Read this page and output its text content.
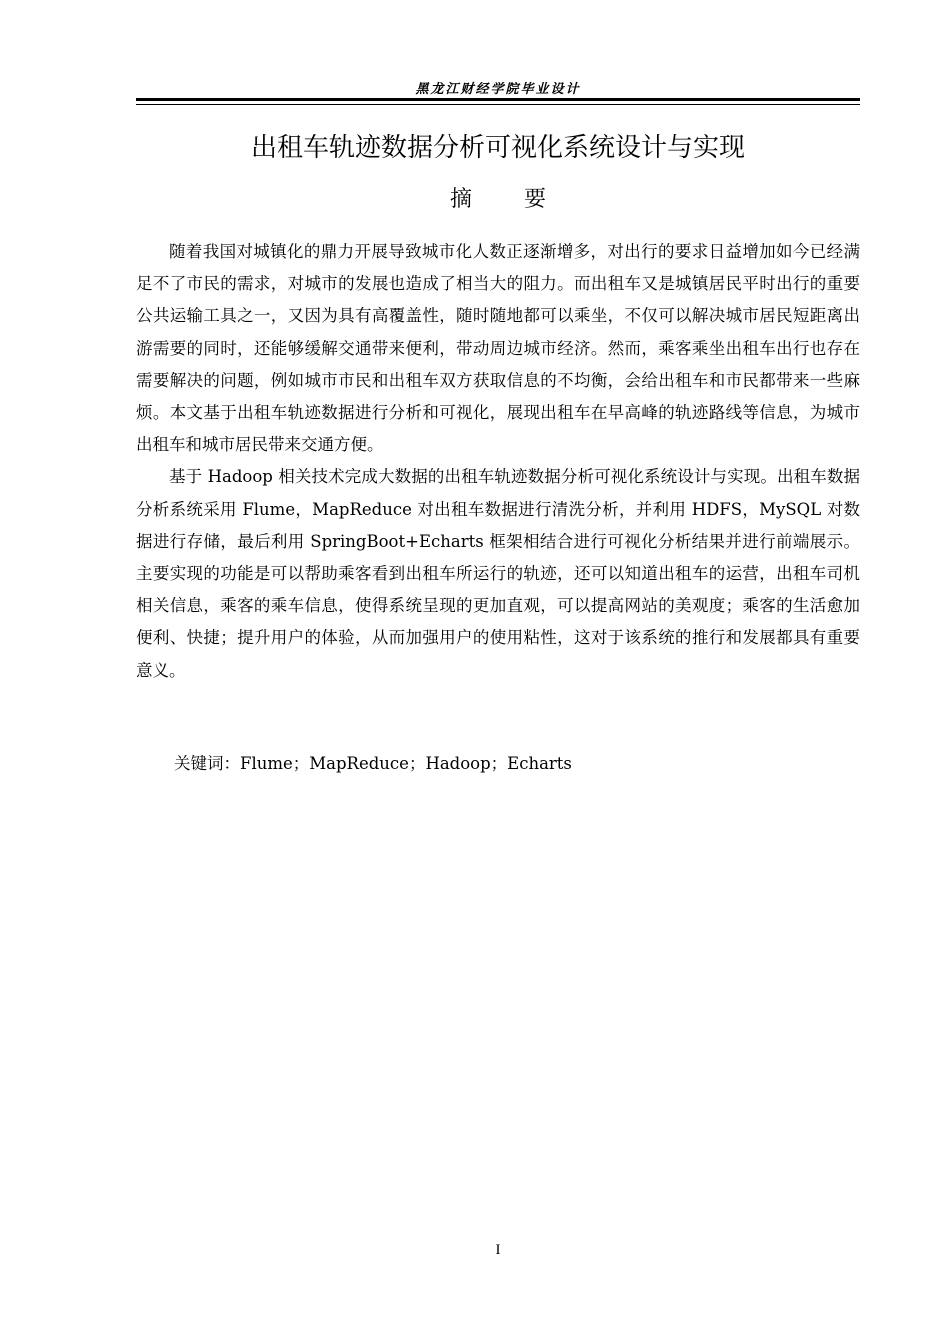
黑龙江财经学院毕业设计
出租车轨迹数据分析可视化系统设计与实现
摘 要

随着我国对城镇化的鼎力开展导致城市化人数正逐渐增多，对出行的要求日益增加如今已经满足不了市民的需求，对城市的发展也造成了相当大的阻力。而出租车又是城镇居民平时出行的重要公共运输工具之一，又因为具有高覆盖性，随时随地都可以乘坐，不仅可以解决城市居民短距离出游需要的同时，还能够缓解交通带来便利，带动周边城市经济。然而，乘客乘坐出租车出行也存在需要解决的问题，例如城市市民和出租车双方获取信息的不均衡，会给出租车和市民都带来一些麻烦。本文基于出租车轨迹数据进行分析和可视化，展现出租车在早高峰的轨迹路线等信息，为城市出租车和城市居民带来交通方便。

基于 Hadoop 相关技术完成大数据的出租车轨迹数据分析可视化系统设计与实现。出租车数据分析系统采用 Flume，MapReduce 对出租车数据进行清洗分析，并利用 HDFS，MySQL 对数据进行存储，最后利用 SpringBoot+Echarts 框架相结合进行可视化分析结果并进行前端展示。主要实现的功能是可以帮助乘客看到出租车所运行的轨迹，还可以知道出租车的运营，出租车司机相关信息，乘客的乘车信息，使得系统呈现的更加直观，可以提高网站的美观度；乘客的生活愈加便利、快捷；提升用户的体验，从而加强用户的使用粘性，这对于该系统的推行和发展都具有重要意义。

关键词：Flume；MapReduce；Hadoop；Echarts
I
